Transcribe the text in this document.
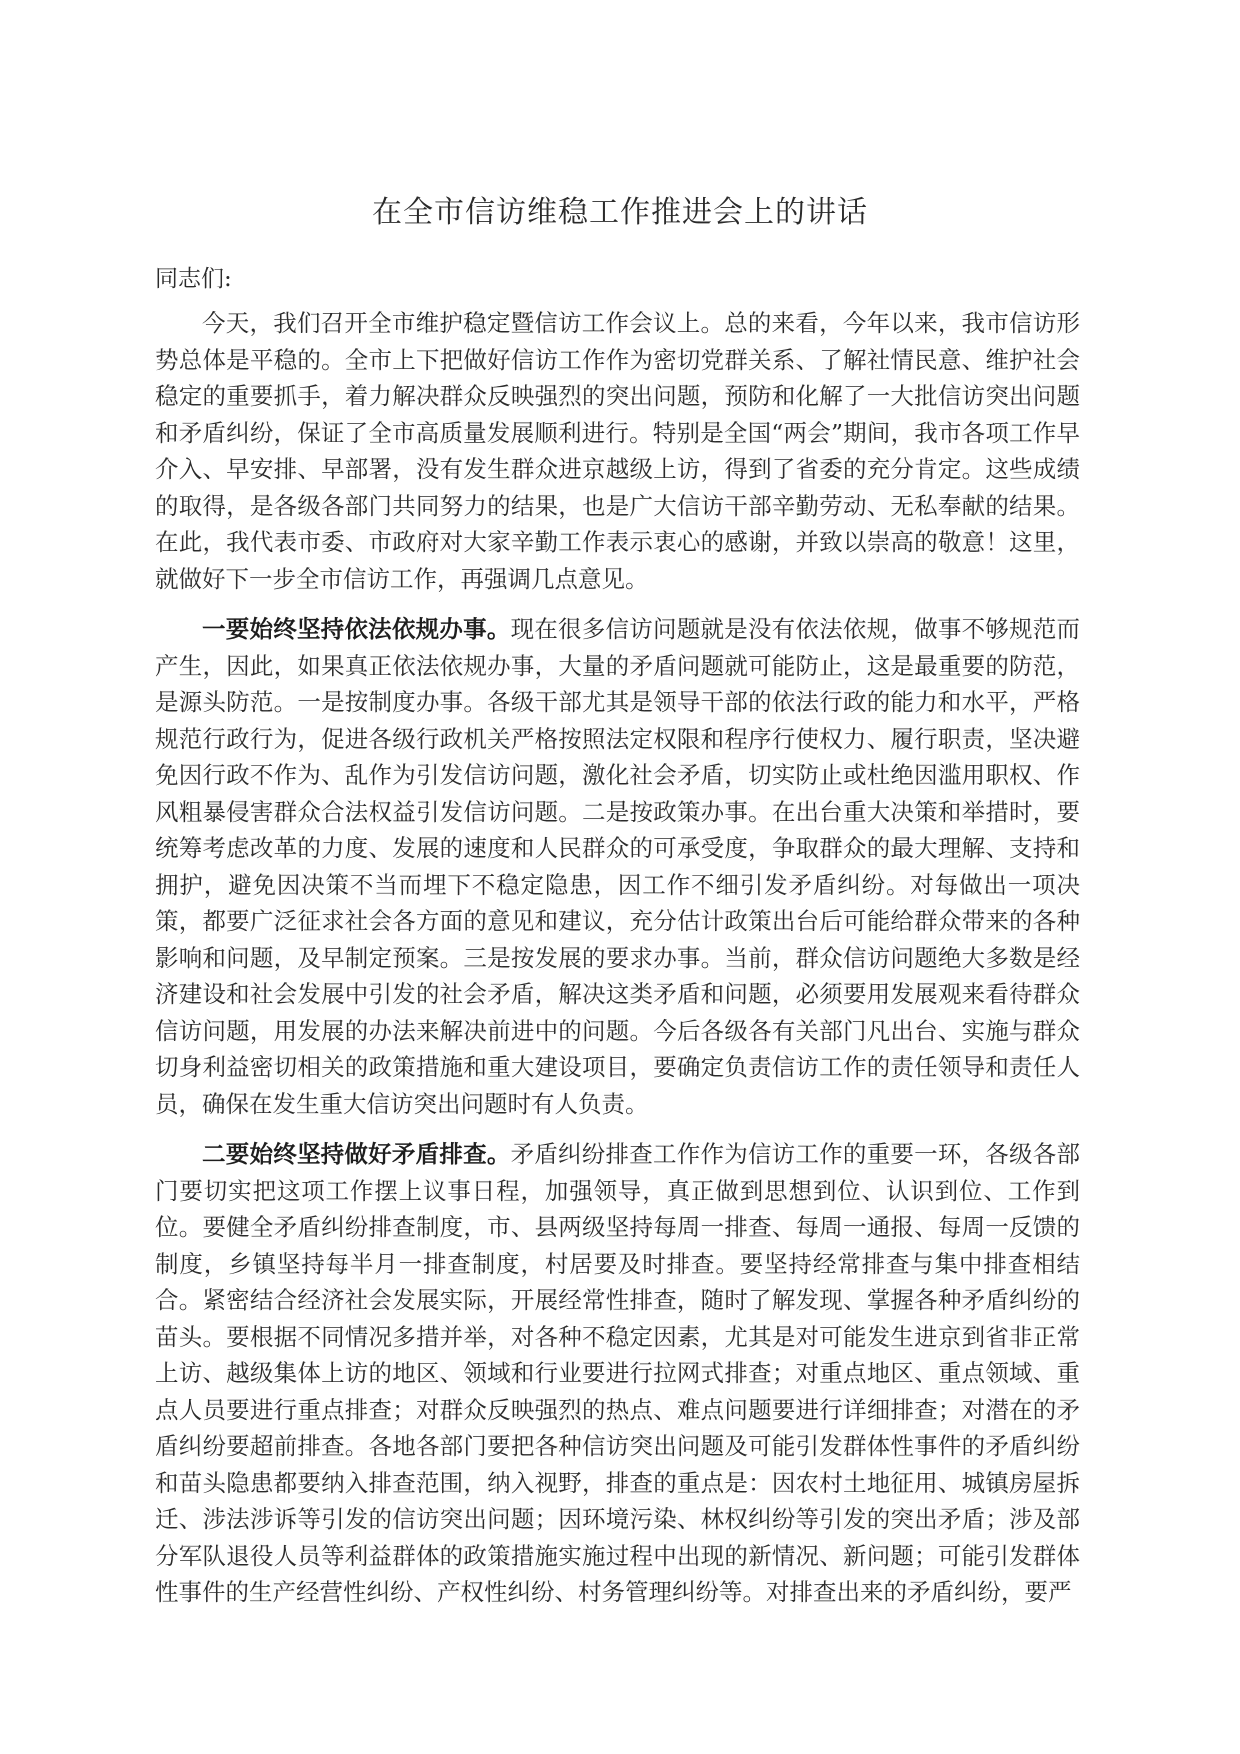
在全市信访维稳工作推进会上的讲话

同志们:

今天，我们召开全市维护稳定暨信访工作会议上。总的来看，今年以来，我市信访形势总体是平稳的。全市上下把做好信访工作作为密切党群关系、了解社情民意、维护社会稳定的重要抓手，着力解决群众反映强烈的突出问题，预防和化解了一大批信访突出问题和矛盾纠纷，保证了全市高质量发展顺利进行。特别是全国“两会”期间，我市各项工作早介入、早安排、早部署，没有发生群众进京越级上访，得到了省委的充分肯定。这些成绩的取得，是各级各部门共同努力的结果，也是广大信访干部辛勤劳动、无私奉献的结果。在此，我代表市委、市政府对大家辛勤工作表示衷心的感谢，并致以崇高的敬意！这里，就做好下一步全市信访工作，再强调几点意见。

一要始终坚持依法依规办事。现在很多信访问题就是没有依法依规，做事不够规范而产生，因此，如果真正依法依规办事，大量的矛盾问题就可能防止，这是最重要的防范，是源头防范。一是按制度办事。各级干部尤其是领导干部的依法行政的能力和水平，严格规范行政行为，促进各级行政机关严格按照法定权限和程序行使权力、履行职责，坚决避免因行政不作为、乱作为引发信访问题，激化社会矛盾，切实防止或杜绝因滥用职权、作风粗暴侵害群众合法权益引发信访问题。二是按政策办事。在出台重大决策和举措时，要统筹考虑改革的力度、发展的速度和人民群众的可承受度，争取群众的最大理解、支持和拥护，避免因决策不当而埋下不稳定隐患，因工作不细引发矛盾纠纷。对每做出一项决策，都要广泛征求社会各方面的意见和建议，充分估计政策出台后可能给群众带来的各种影响和问题，及早制定预案。三是按发展的要求办事。当前，群众信访问题绝大多数是经济建设和社会发展中引发的社会矛盾，解决这类矛盾和问题，必须要用发展观来看待群众信访问题，用发展的办法来解决前进中的问题。今后各级各有关部门凡出台、实施与群众切身利益密切相关的政策措施和重大建设项目，要确定负责信访工作的责任领导和责任人员，确保在发生重大信访突出问题时有人负责。

二要始终坚持做好矛盾排查。矛盾纠纷排查工作作为信访工作的重要一环，各级各部门要切实把这项工作摆上议事日程，加强领导，真正做到思想到位、认识到位、工作到位。要健全矛盾纠纷排查制度，市、县两级坚持每周一排查、每周一通报、每周一反馈的制度，乡镇坚持每半月一排查制度，村居要及时排查。要坚持经常排查与集中排查相结合。紧密结合经济社会发展实际，开展经常性排查，随时了解发现、掌握各种矛盾纠纷的苗头。要根据不同情况多措并举，对各种不稳定因素，尤其是对可能发生进京到省非正常上访、越级集体上访的地区、领域和行业要进行拉网式排查；对重点地区、重点领域、重点人员要进行重点排查；对群众反映强烈的热点、难点问题要进行详细排查；对潜在的矛盾纠纷要超前排查。各地各部门要把各种信访突出问题及可能引发群体性事件的矛盾纠纷和苗头隐患都要纳入排查范围，纳入视野，排查的重点是：因农村土地征用、城镇房屋拆迁、涉法涉诉等引发的信访突出问题；因环境污染、林权纠纷等引发的突出矛盾；涉及部分军队退役人员等利益群体的政策措施实施过程中出现的新情况、新问题；可能引发群体性事件的生产经营性纠纷、产权性纠纷、村务管理纠纷等。对排查出来的矛盾纠纷，要严
